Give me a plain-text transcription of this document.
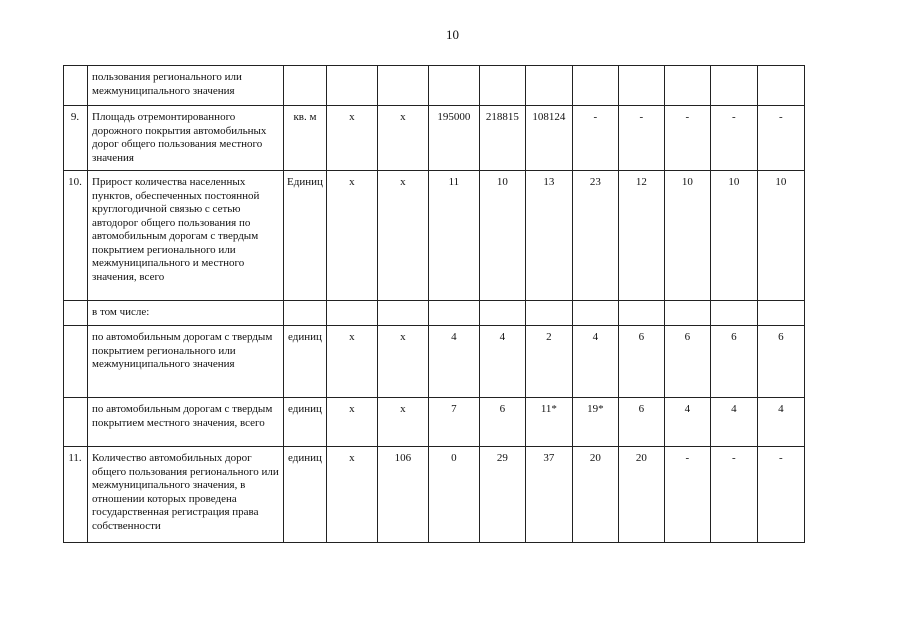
10
	пользования регионального или межмуниципального значения											
9.	Площадь отремонтированного дорожного покрытия автомобильных дорог общего пользования местного значения	кв. м	х	х	195000	218815	108124	-	-	-	-	-
10.	Прирост количества населенных пунктов, обеспеченных постоянной круглогодичной связью с сетью автодорог общего пользования по автомобильным дорогам с твердым покрытием регионального или межмуниципального и местного значения, всего	Единиц	х	х	11	10	13	23	12	10	10	10
	в том числе:											
	по автомобильным дорогам с твердым покрытием регионального или межмуниципального значения	единиц	х	х	4	4	2	4	6	6	6	6
	по автомобильным дорогам с твердым покрытием местного значения, всего	единиц	х	х	7	6	11*	19*	6	4	4	4
11.	Количество автомобильных дорог общего пользования регионального или межмуниципального значения, в отношении которых проведена государственная регистрация права собственности	единиц	х	106	0	29	37	20	20	-	-	-
